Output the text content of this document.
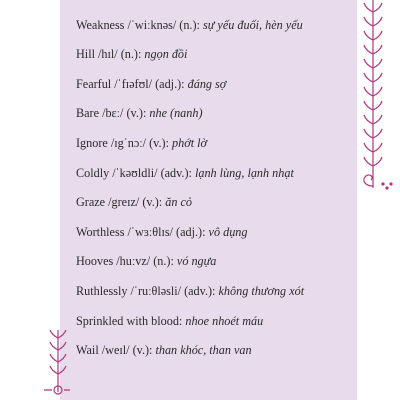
Weakness
/ˈwiːknəs/
(n.):
sự yếu đuối, hèn yếu
Hill
/hɪl/
(n.):
ngọn đồi
Fearful
/ˈfɪəfʊl/
(adj.):
đáng sợ
Bare
/bɛː/
(v.):
nhe (nanh)
Ignore
/ɪgˈnɔː/
(v.):
phớt lờ
Coldly
/ˈkəʊldli/
(adv.):
lạnh lùng, lạnh nhạt
Graze
/greɪz/
(v.):
ăn cỏ
Worthless
/ˈwɜːθlɪs/
(adj.):
vô dụng
Hooves
/huːvz/
(n.):
vó ngựa
Ruthlessly
/ˈruːθləsli/
(adv.):
không thương xót
Sprinkled with blood:
nhoe nhoét máu
Wail
/weɪl/
(v.):
than khóc, than van
